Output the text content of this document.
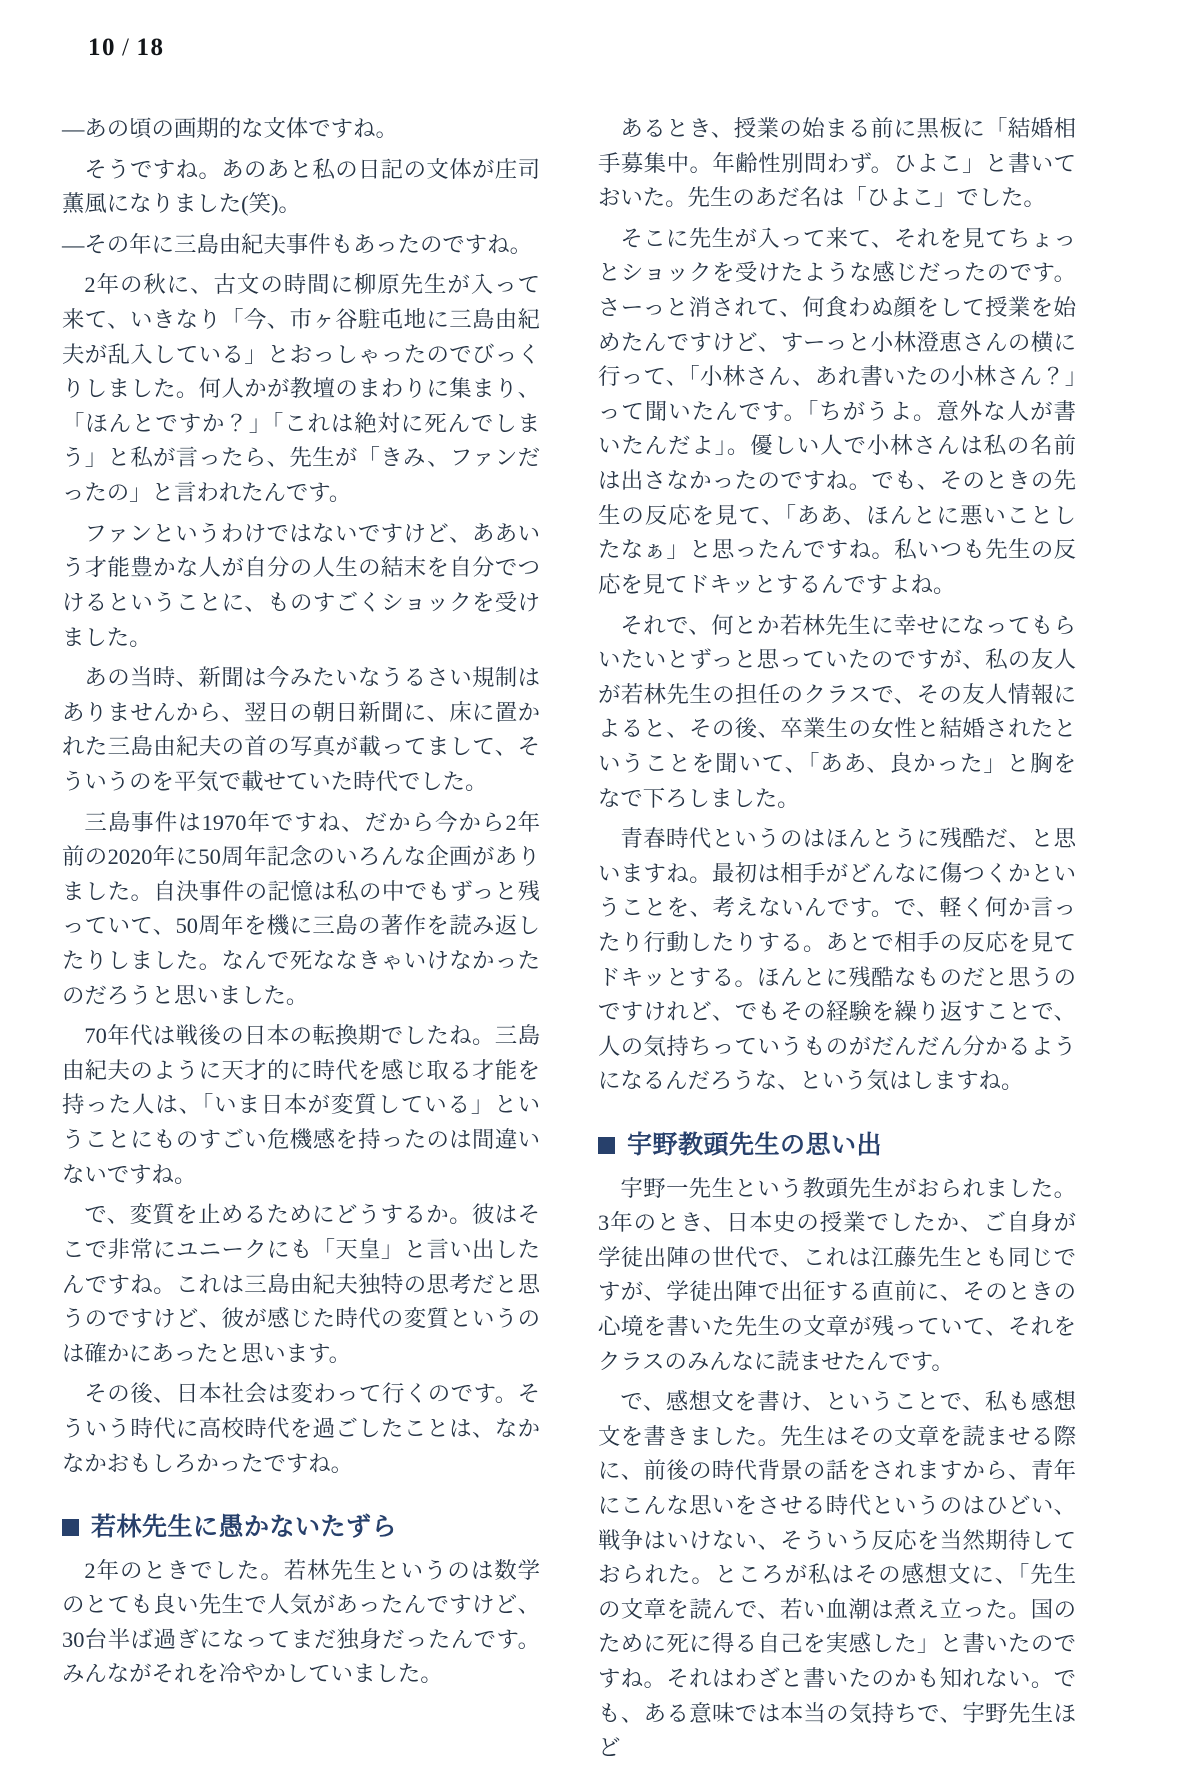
10 / 18

―あの頃の画期的な文体ですね。

そうですね。あのあと私の日記の文体が庄司薫風になりました(笑)。

―その年に三島由紀夫事件もあったのですね。

2年の秋に、古文の時間に柳原先生が入って来て、いきなり「今、市ヶ谷駐屯地に三島由紀夫が乱入している」とおっしゃったのでびっくりしました。何人かが教壇のまわりに集まり、「ほんとですか？」「これは絶対に死んでしまう」と私が言ったら、先生が「きみ、ファンだったの」と言われたんです。

ファンというわけではないですけど、ああいう才能豊かな人が自分の人生の結末を自分でつけるということに、ものすごくショックを受けました。

あの当時、新聞は今みたいなうるさい規制はありませんから、翌日の朝日新聞に、床に置かれた三島由紀夫の首の写真が載ってまして、そういうのを平気で載せていた時代でした。

三島事件は1970年ですね、だから今から2年前の2020年に50周年記念のいろんな企画がありました。自決事件の記憶は私の中でもずっと残っていて、50周年を機に三島の著作を読み返したりしました。なんで死ななきゃいけなかったのだろうと思いました。

70年代は戦後の日本の転換期でしたね。三島由紀夫のように天才的に時代を感じ取る才能を持った人は、「いま日本が変質している」ということにものすごい危機感を持ったのは間違いないですね。

で、変質を止めるためにどうするか。彼はそこで非常にユニークにも「天皇」と言い出したんですね。これは三島由紀夫独特の思考だと思うのですけど、彼が感じた時代の変質というのは確かにあったと思います。

その後、日本社会は変わって行くのです。そういう時代に高校時代を過ごしたことは、なかなかおもしろかったですね。

若林先生に愚かないたずら

2年のときでした。若林先生というのは数学のとても良い先生で人気があったんですけど、30台半ば過ぎになってまだ独身だったんです。みんながそれを冷やかしていました。

あるとき、授業の始まる前に黒板に「結婚相手募集中。年齢性別問わず。ひよこ」と書いておいた。先生のあだ名は「ひよこ」でした。

そこに先生が入って来て、それを見てちょっとショックを受けたような感じだったのです。さーっと消されて、何食わぬ顔をして授業を始めたんですけど、すーっと小林澄恵さんの横に行って、「小林さん、あれ書いたの小林さん？」って聞いたんです。「ちがうよ。意外な人が書いたんだよ」。優しい人で小林さんは私の名前は出さなかったのですね。でも、そのときの先生の反応を見て、「ああ、ほんとに悪いことしたなぁ」と思ったんですね。私いつも先生の反応を見てドキッとするんですよね。

それで、何とか若林先生に幸せになってもらいたいとずっと思っていたのですが、私の友人が若林先生の担任のクラスで、その友人情報によると、その後、卒業生の女性と結婚されたということを聞いて、「ああ、良かった」と胸をなで下ろしました。

青春時代というのはほんとうに残酷だ、と思いますね。最初は相手がどんなに傷つくかということを、考えないんです。で、軽く何か言ったり行動したりする。あとで相手の反応を見てドキッとする。ほんとに残酷なものだと思うのですけれど、でもその経験を繰り返すことで、人の気持ちっていうものがだんだん分かるようになるんだろうな、という気はしますね。

宇野教頭先生の思い出

宇野一先生という教頭先生がおられました。3年のとき、日本史の授業でしたか、ご自身が学徒出陣の世代で、これは江藤先生とも同じですが、学徒出陣で出征する直前に、そのときの心境を書いた先生の文章が残っていて、それをクラスのみんなに読ませたんです。

で、感想文を書け、ということで、私も感想文を書きました。先生はその文章を読ませる際に、前後の時代背景の話をされますから、青年にこんな思いをさせる時代というのはひどい、戦争はいけない、そういう反応を当然期待しておられた。ところが私はその感想文に、「先生の文章を読んで、若い血潮は煮え立った。国のために死に得る自己を実感した」と書いたのですね。それはわざと書いたのかも知れない。でも、ある意味では本当の気持ちで、宇野先生ほど
